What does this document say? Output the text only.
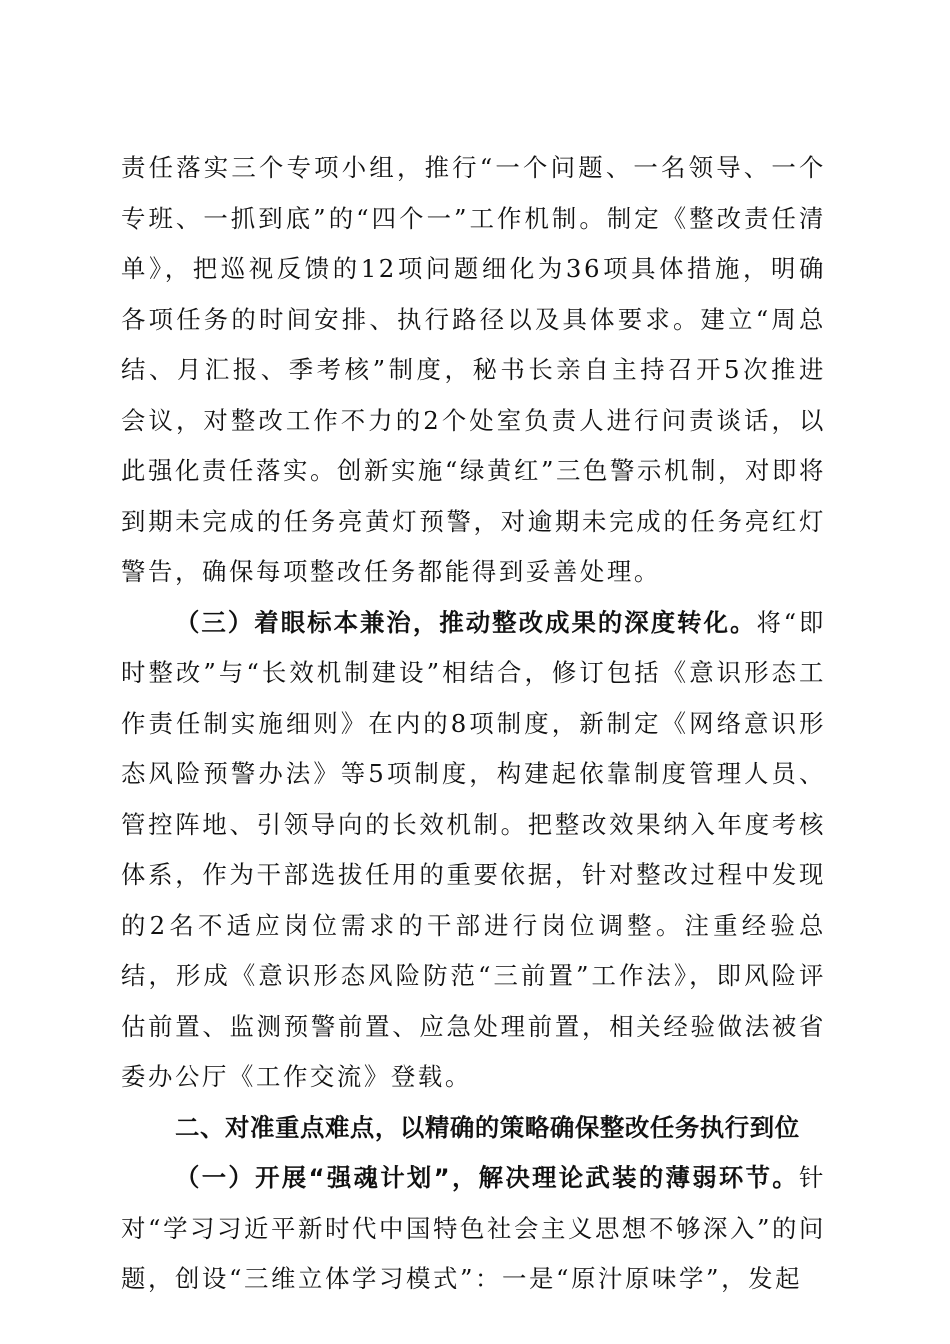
责任落实三个专项小组，推行“一个问题、一名领导、一个专班、一抓到底”的“四个一”工作机制。制定《整改责任清单》，把巡视反馈的12项问题细化为36项具体措施，明确各项任务的时间安排、执行路径以及具体要求。建立“周总结、月汇报、季考核”制度，秘书长亲自主持召开5次推进会议，对整改工作不力的2个处室负责人进行问责谈话，以此强化责任落实。创新实施“绿黄红”三色警示机制，对即将到期未完成的任务亮黄灯预警，对逾期未完成的任务亮红灯警告，确保每项整改任务都能得到妥善处理。

（三）着眼标本兼治，推动整改成果的深度转化。将“即时整改”与“长效机制建设”相结合，修订包括《意识形态工作责任制实施细则》在内的8项制度，新制定《网络意识形态风险预警办法》等5项制度，构建起依靠制度管理人员、管控阵地、引领导向的长效机制。把整改效果纳入年度考核体系，作为干部选拔任用的重要依据，针对整改过程中发现的2名不适应岗位需求的干部进行岗位调整。注重经验总结，形成《意识形态风险防范“三前置”工作法》，即风险评估前置、监测预警前置、应急处理前置，相关经验做法被省委办公厅《工作交流》登载。

二、对准重点难点，以精确的策略确保整改任务执行到位

（一）开展“强魂计划”，解决理论武装的薄弱环节。针对“学习习近平新时代中国特色社会主义思想不够深入”的问题，创设“三维立体学习模式”：一是“原汁原味学”，发起
